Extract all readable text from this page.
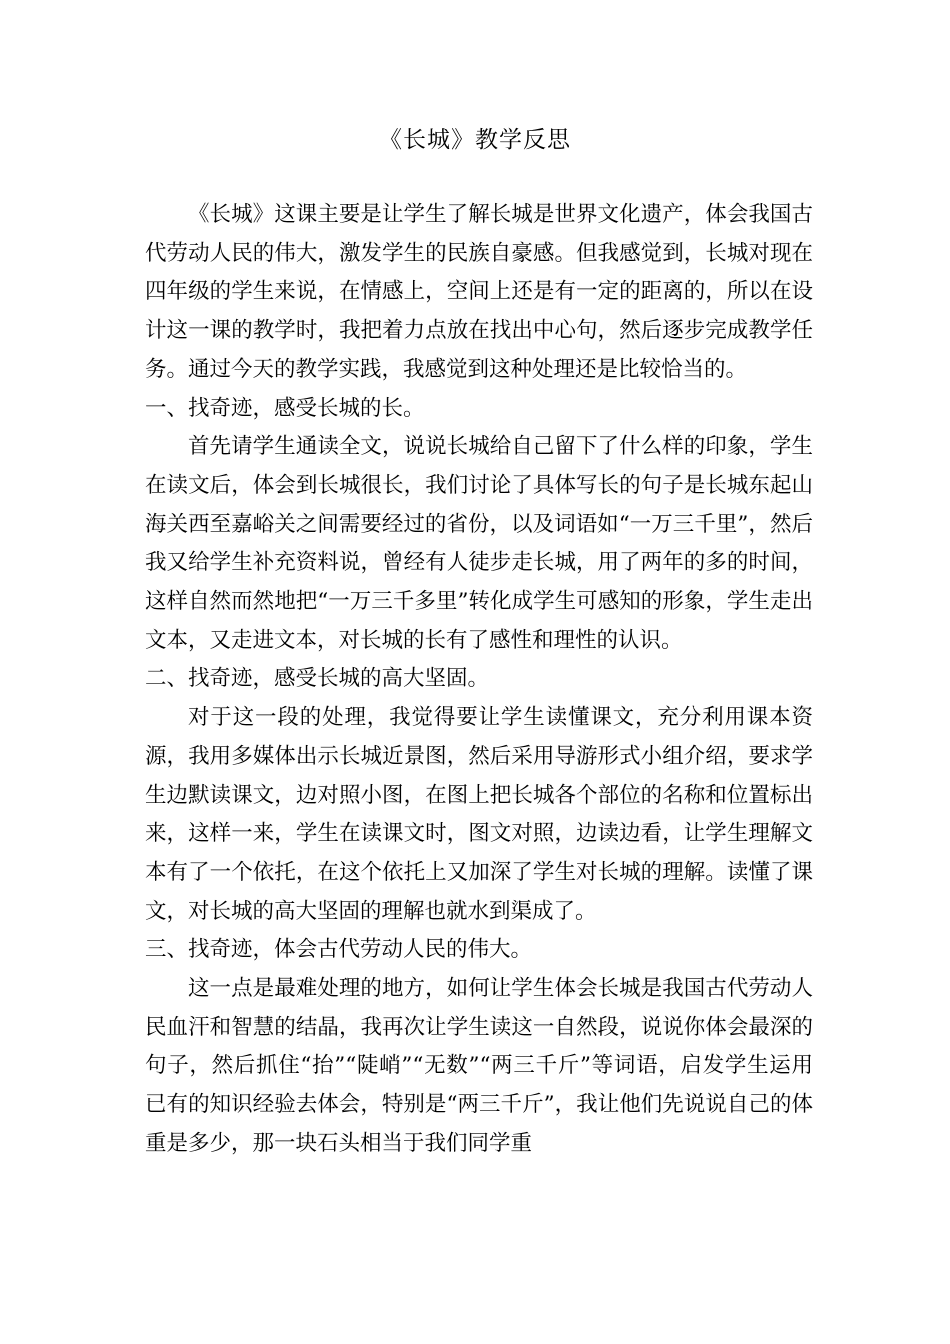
《长城》教学反思

《长城》这课主要是让学生了解长城是世界文化遗产，体会我国古代劳动人民的伟大，激发学生的民族自豪感。但我感觉到，长城对现在四年级的学生来说，在情感上，空间上还是有一定的距离的，所以在设计这一课的教学时，我把着力点放在找出中心句，然后逐步完成教学任务。通过今天的教学实践，我感觉到这种处理还是比较恰当的。

一、找奇迹，感受长城的长。

首先请学生通读全文，说说长城给自己留下了什么样的印象，学生在读文后，体会到长城很长，我们讨论了具体写长的句子是长城东起山海关西至嘉峪关之间需要经过的省份，以及词语如“一万三千里”，然后我又给学生补充资料说，曾经有人徒步走长城，用了两年的多的时间，这样自然而然地把“一万三千多里”转化成学生可感知的形象，学生走出文本，又走进文本，对长城的长有了感性和理性的认识。

二、找奇迹，感受长城的高大坚固。

对于这一段的处理，我觉得要让学生读懂课文，充分利用课本资源，我用多媒体出示长城近景图，然后采用导游形式小组介绍，要求学生边默读课文，边对照小图，在图上把长城各个部位的名称和位置标出来，这样一来，学生在读课文时，图文对照，边读边看，让学生理解文本有了一个依托，在这个依托上又加深了学生对长城的理解。读懂了课文，对长城的高大坚固的理解也就水到渠成了。

三、找奇迹，体会古代劳动人民的伟大。

这一点是最难处理的地方，如何让学生体会长城是我国古代劳动人民血汗和智慧的结晶，我再次让学生读这一自然段，说说你体会最深的句子，然后抓住“抬”“陡峭”“无数”“两三千斤”等词语，启发学生运用已有的知识经验去体会，特别是“两三千斤”，我让他们先说说自己的体重是多少，那一块石头相当于我们同学重
